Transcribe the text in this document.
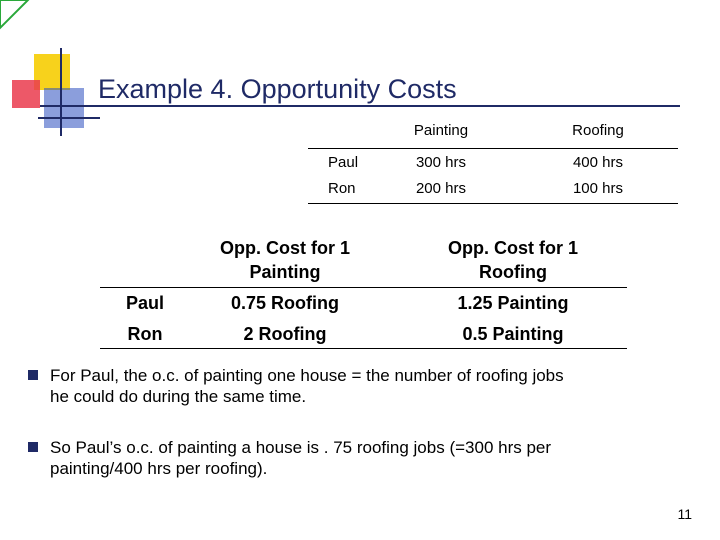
Example 4. Opportunity Costs
Painting	Roofing
Paul	300 hrs	400 hrs
Ron	200 hrs	100 hrs
Opp. Cost for 1
Painting
Opp. Cost for 1
Roofing
Paul	0.75 Roofing	1.25 Painting
Ron	2 Roofing	0.5 Painting
For Paul, the o.c. of painting one house = the number of roofing jobs
he could do during the same time.
So Paul’s o.c. of painting a house is . 75 roofing jobs (=300 hrs per
painting/400 hrs per roofing).
11
